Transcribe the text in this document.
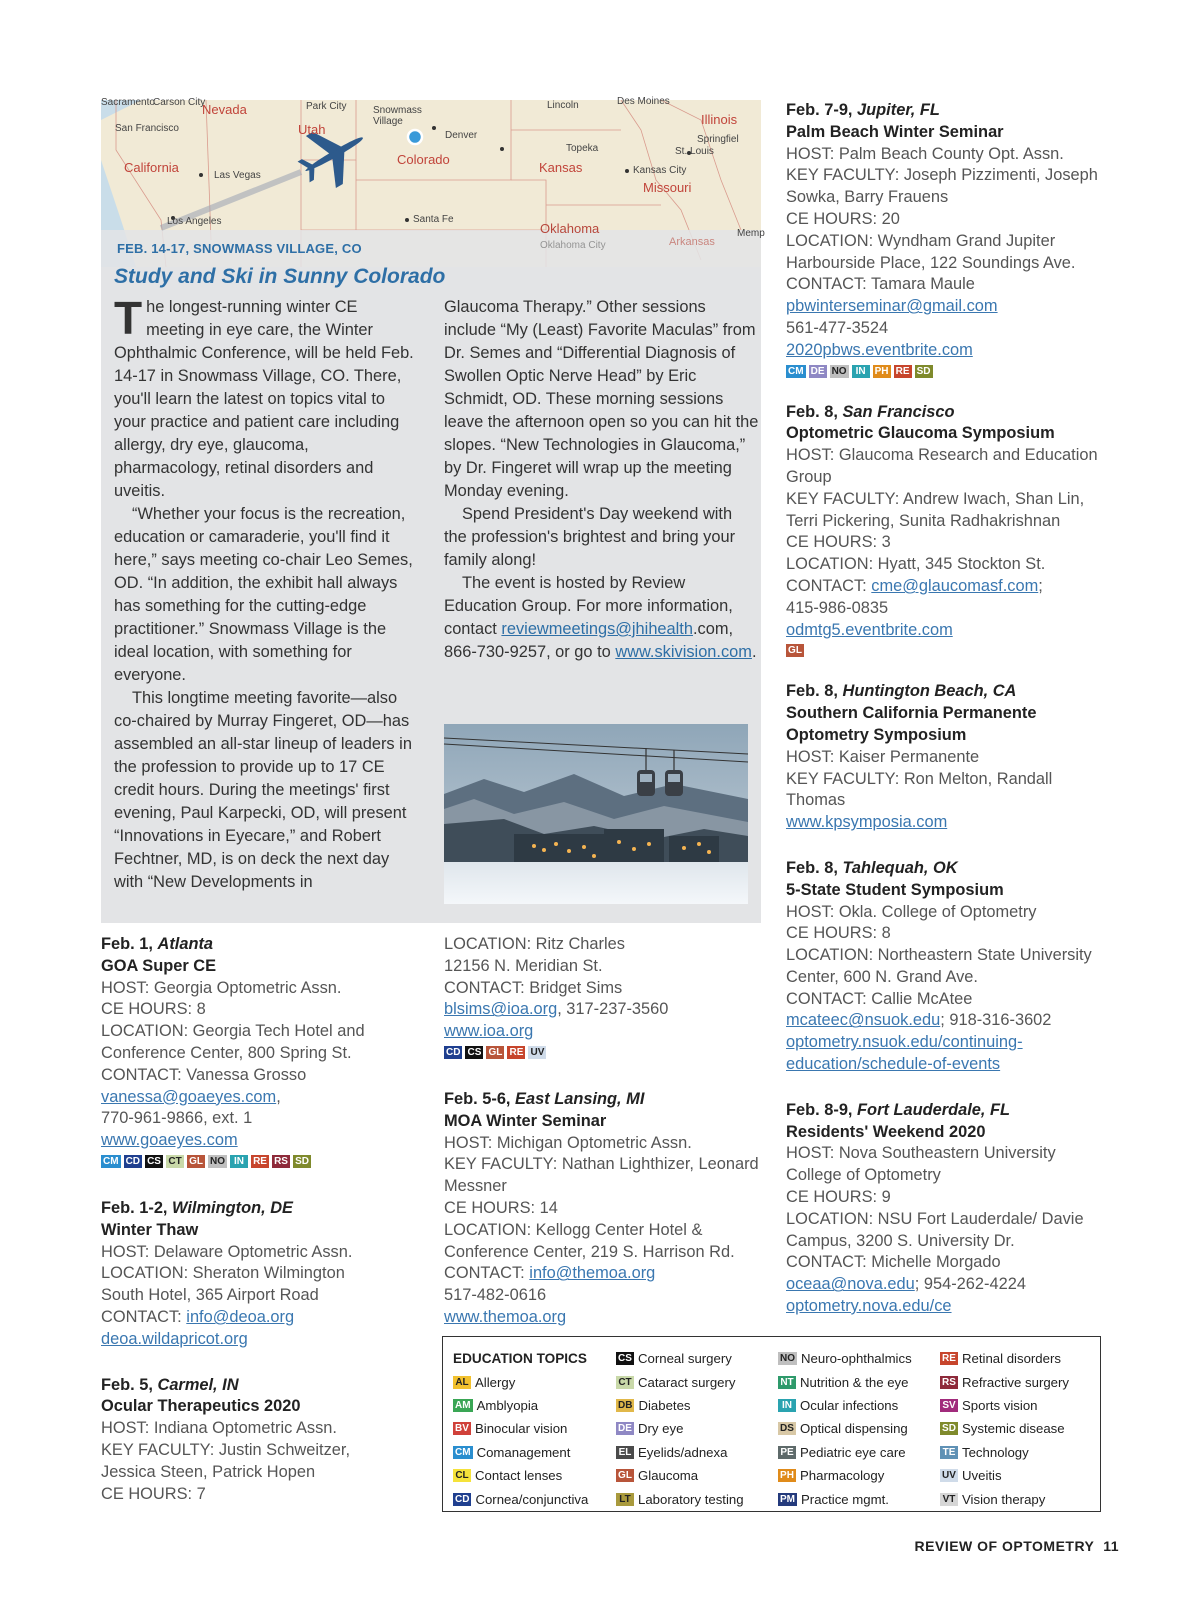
Sacramento
Carson City
Nevada	Park City
Utah
Snowmass Village
Denver
Colorado
Lincoln	Des Moines
Illinois
Springfiel
St. Louis
Topeka
Kansas	Kansas City
Missouri
San Francisco
California
Las Vegas
Los Angeles	Santa Fe
Oklahoma
Oklahoma City	Arkansas
Memp
FEB. 14-17, SNOWMASS VILLAGE, CO
Study and Ski in Sunny Colorado

The longest-running winter CE meeting in eye care, the Winter Ophthalmic Conference, will be held Feb. 14-17 in Snowmass Village, CO. There, you'll learn the latest on topics vital to your practice and patient care including allergy, dry eye, glaucoma, pharmacology, retinal disorders and uveitis.

“Whether your focus is the recreation, education or camaraderie, you'll find it here,” says meeting co-chair Leo Semes, OD. “In addition, the exhibit hall always has something for the cutting-edge practitioner.” Snowmass Village is the ideal location, with something for everyone.

This longtime meeting favorite—also co-chaired by Murray Fingeret, OD—has assembled an all-star lineup of leaders in the profession to provide up to 17 CE credit hours. During the meetings' first evening, Paul Karpecki, OD, will present “Innovations in Eyecare,” and Robert Fechtner, MD, is on deck the next day with “New Developments in

Glaucoma Therapy.” Other sessions include “My (Least) Favorite Maculas” from Dr. Semes and “Differential Diagnosis of Swollen Optic Nerve Head” by Eric Schmidt, OD. These morning sessions leave the afternoon open so you can hit the slopes. “New Technologies in Glaucoma,” by Dr. Fingeret will wrap up the meeting Monday evening.

Spend President's Day weekend with the profession's brightest and bring your family along!

The event is hosted by Review Education Group. For more information, contact reviewmeetings@jhihealth.com, 866-730-9257, or go to www.skivision.com.

Feb. 1, Atlanta
GOA Super CE
HOST: Georgia Optometric Assn.
CE HOURS: 8
LOCATION: Georgia Tech Hotel and Conference Center, 800 Spring St.
CONTACT: Vanessa Grosso
vanessa@goaeyes.com,
770-961-9866, ext. 1
www.goaeyes.com
CM CD CS CT GL NO IN RE RS SD
Feb. 1-2, Wilmington, DE
Winter Thaw
HOST: Delaware Optometric Assn.
LOCATION: Sheraton Wilmington South Hotel, 365 Airport Road
CONTACT: info@deoa.org
deoa.wildapricot.org
Feb. 5, Carmel, IN
Ocular Therapeutics 2020
HOST: Indiana Optometric Assn.
KEY FACULTY: Justin Schweitzer, Jessica Steen, Patrick Hopen
CE HOURS: 7
LOCATION: Ritz Charles
12156 N. Meridian St.
CONTACT: Bridget Sims
blsims@ioa.org, 317-237-3560
www.ioa.org
CD CS GL RE UV
Feb. 5-6, East Lansing, MI
MOA Winter Seminar
HOST: Michigan Optometric Assn.
KEY FACULTY: Nathan Lighthizer, Leonard Messner
CE HOURS: 14
LOCATION: Kellogg Center Hotel & Conference Center, 219 S. Harrison Rd.
CONTACT: info@themoa.org
517-482-0616
www.themoa.org
Feb. 7-9, Jupiter, FL
Palm Beach Winter Seminar
HOST: Palm Beach County Opt. Assn.
KEY FACULTY: Joseph Pizzimenti, Joseph Sowka, Barry Frauens
CE HOURS: 20
LOCATION: Wyndham Grand Jupiter Harbourside Place, 122 Soundings Ave.
CONTACT: Tamara Maule
pbwinterseminar@gmail.com
561-477-3524
2020pbws.eventbrite.com
CM DE NO IN PH RE SD
Feb. 8, San Francisco
Optometric Glaucoma Symposium
HOST: Glaucoma Research and Education Group
KEY FACULTY: Andrew Iwach, Shan Lin, Terri Pickering, Sunita Radhakrishnan
CE HOURS: 3
LOCATION: Hyatt, 345 Stockton St.
CONTACT: cme@glaucomasf.com;
415-986-0835
odmtg5.eventbrite.com
GL
Feb. 8, Huntington Beach, CA
Southern California Permanente Optometry Symposium
HOST: Kaiser Permanente
KEY FACULTY: Ron Melton, Randall Thomas
www.kpsymposia.com
Feb. 8, Tahlequah, OK
5-State Student Symposium
HOST: Okla. College of Optometry
CE HOURS: 8
LOCATION: Northeastern State University Center, 600 N. Grand Ave.
CONTACT: Callie McAtee
mcateec@nsuok.edu; 918-316-3602
optometry.nsuok.edu/continuing-education/schedule-of-events
Feb. 8-9, Fort Lauderdale, FL
Residents' Weekend 2020
HOST: Nova Southeastern University College of Optometry
CE HOURS: 9
LOCATION: NSU Fort Lauderdale/ Davie Campus, 3200 S. University Dr.
CONTACT: Michelle Morgado
oceaa@nova.edu; 954-262-4224
optometry.nova.edu/ce
EDUCATION TOPICS
AL Allergy
AM Amblyopia
BV Binocular vision
CM Comanagement
CL Contact lenses
CD Cornea/conjunctiva
CS Corneal surgery
CT Cataract surgery
DB Diabetes
DE Dry eye
EL Eyelids/adnexa
GL Glaucoma
LT Laboratory testing
NO Neuro-ophthalmics
NT Nutrition & the eye
IN Ocular infections
DS Optical dispensing
PE Pediatric eye care
PH Pharmacology
PM Practice mgmt.
RE Retinal disorders
RS Refractive surgery
SV Sports vision
SD Systemic disease
TE Technology
UV Uveitis
VT Vision therapy
REVIEW OF OPTOMETRY 11
